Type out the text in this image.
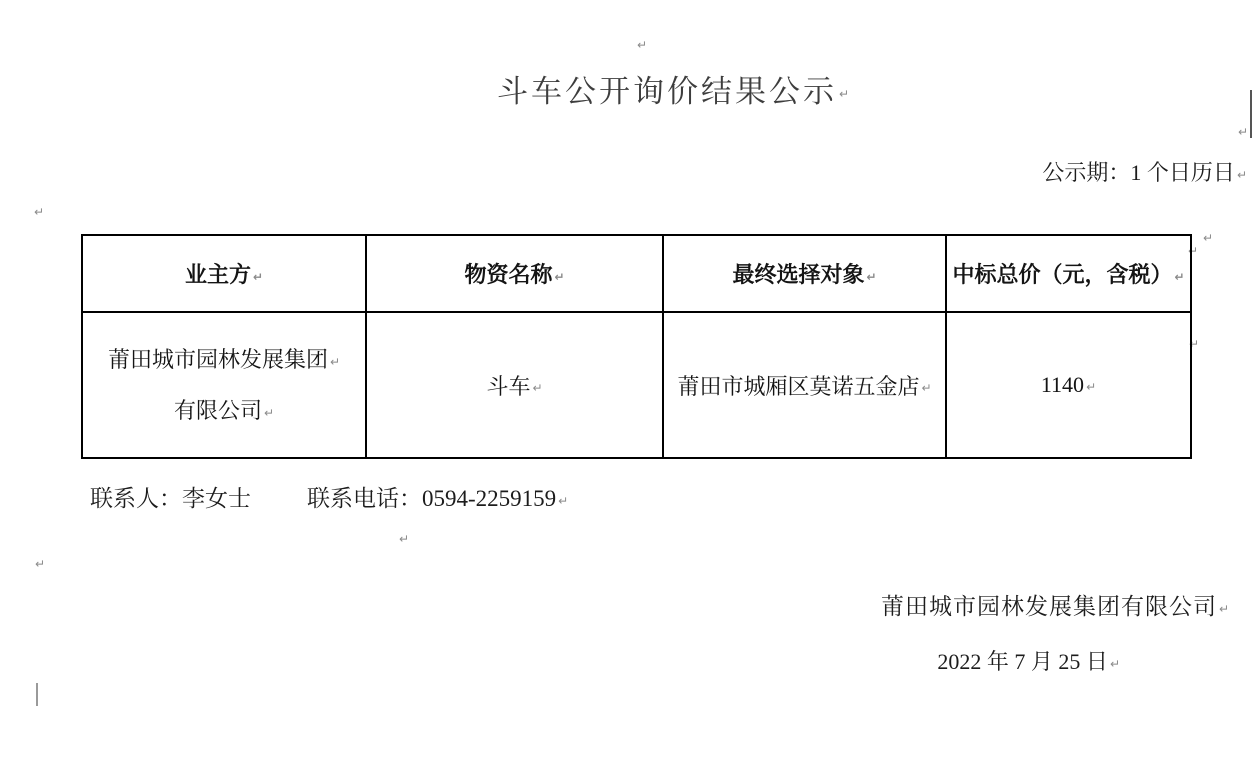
↵
↵
↵
↵
↵
↵
↵
↵
斗车公开询价结果公示 ↵
公示期：1 个日历日 ↵
业主方 ↵	物资名称 ↵	最终选择对象 ↵	中标总价（元，含税） ↵

莆田城市园林发展集团 ↵
有限公司 ↵	斗车 ↵	莆田市城厢区莫诺五金店 ↵	1140 ↵
联系人：李女士 联系电话：0594-2259159 ↵
莆田城市园林发展集团有限公司 ↵
2022 年 7 月 25 日 ↵
